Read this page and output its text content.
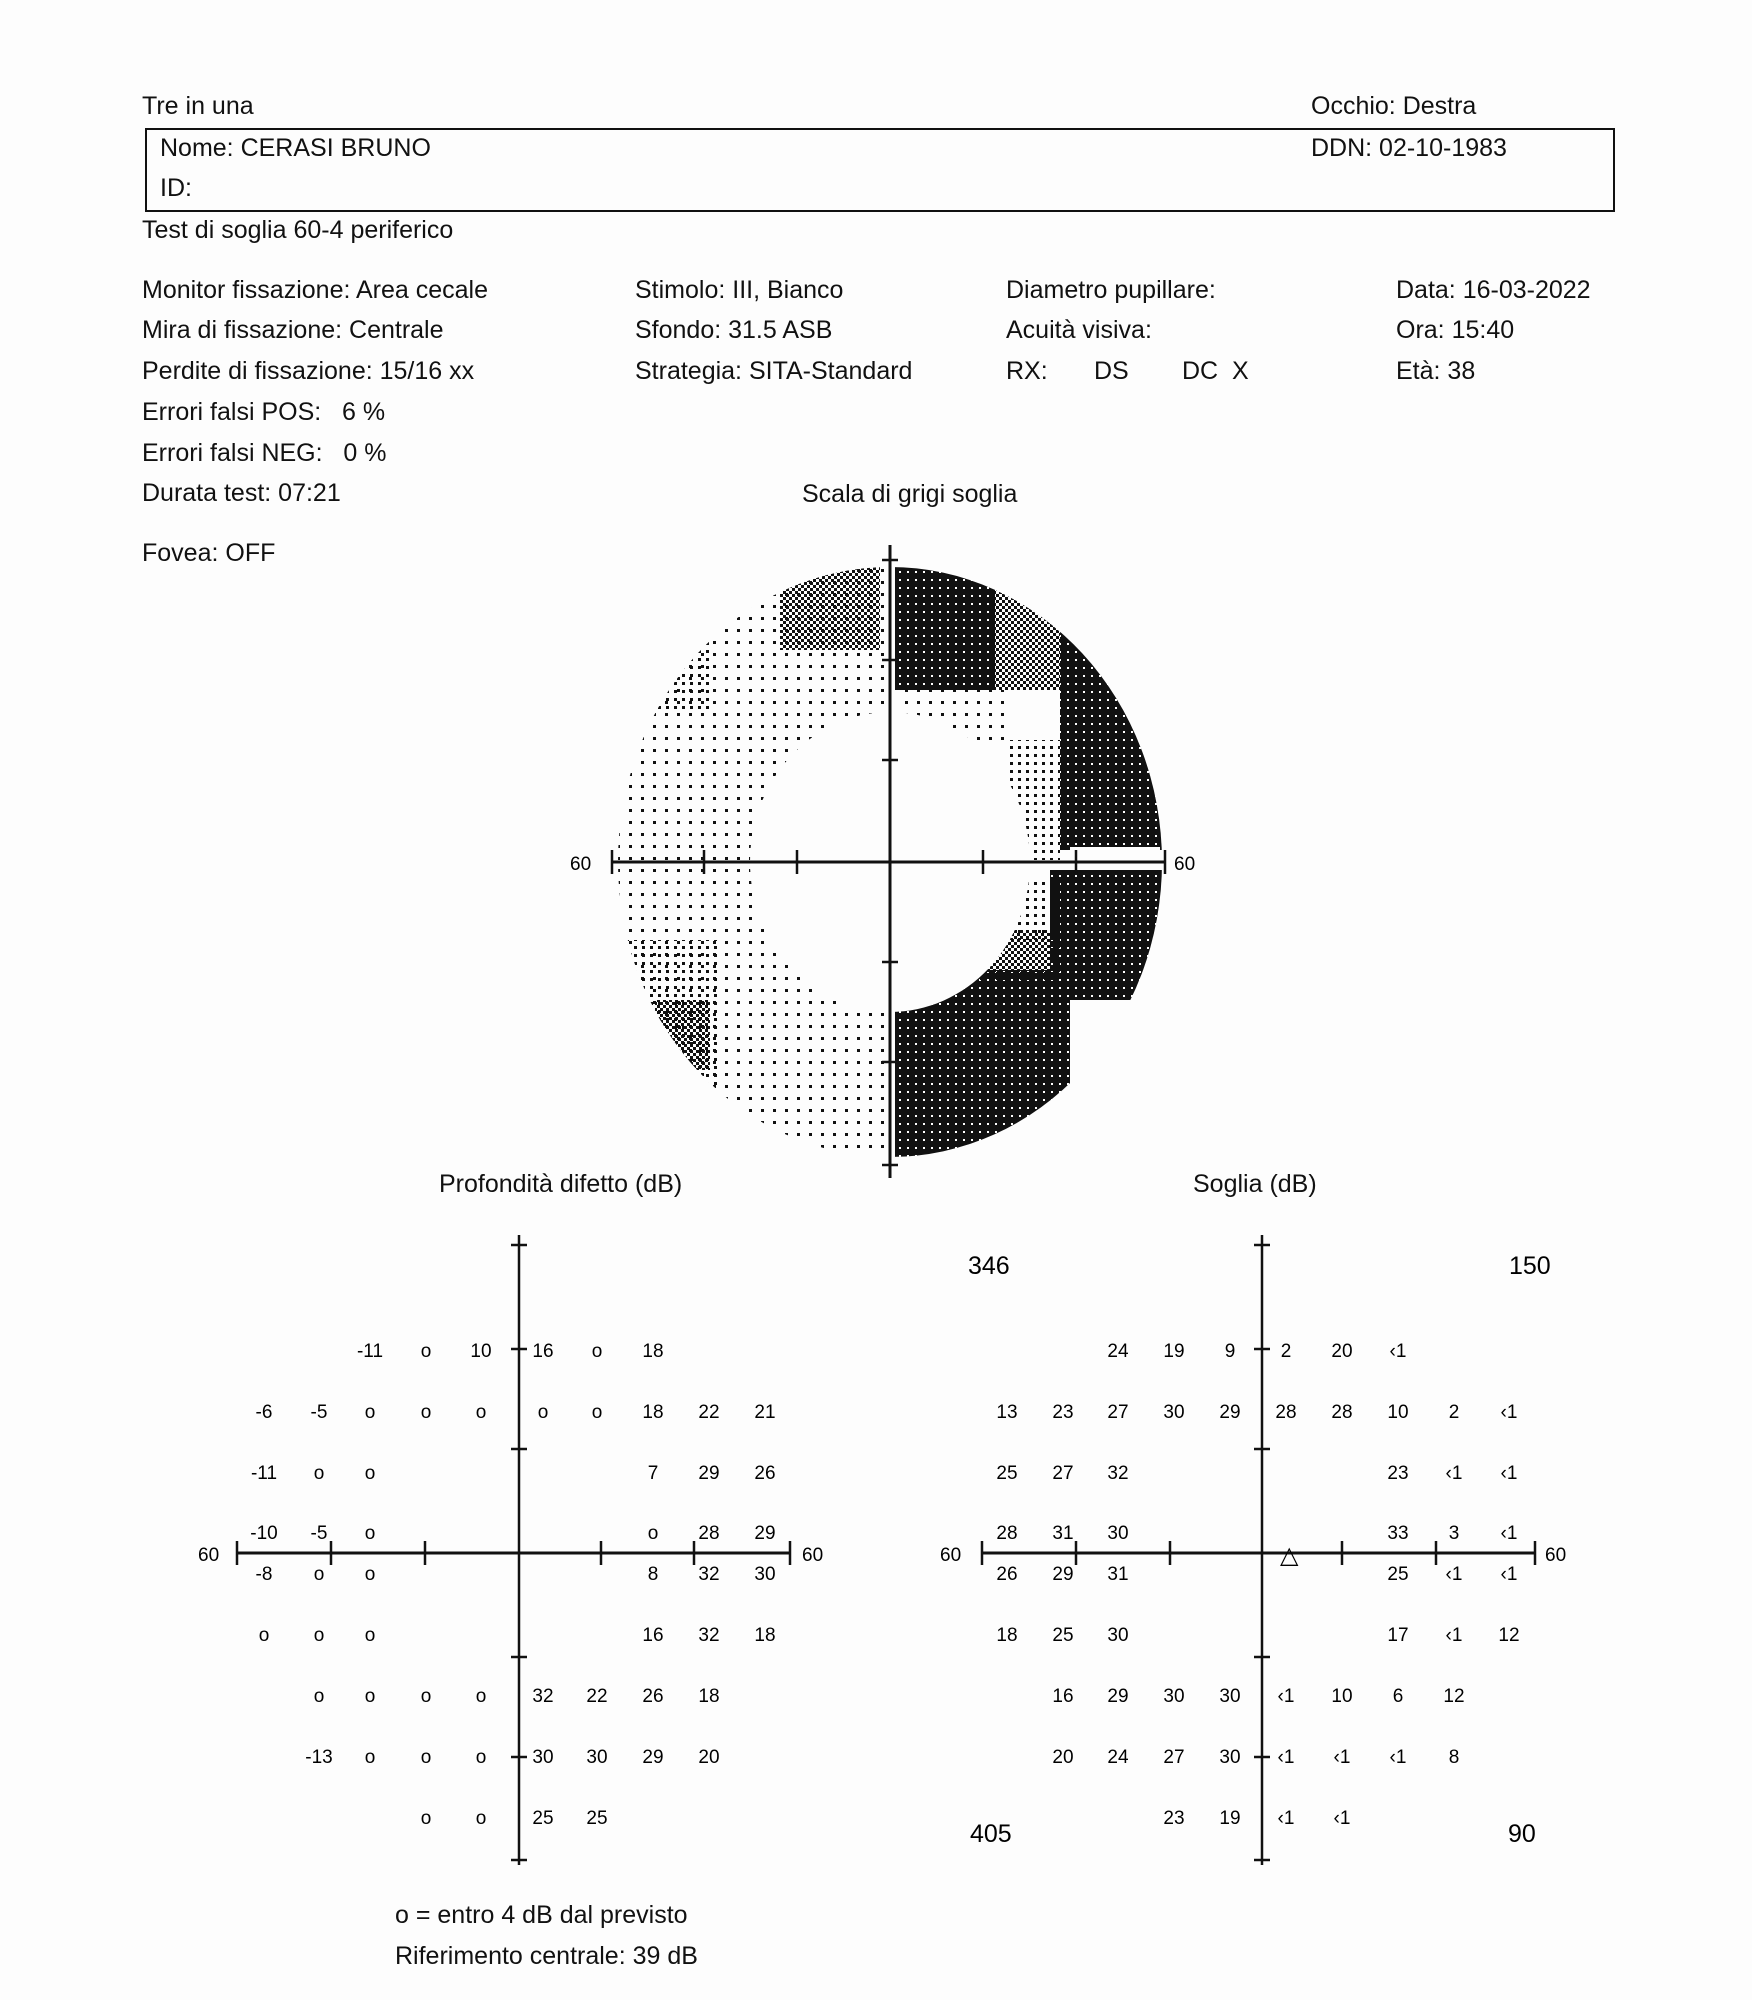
Tre in una	Occhio: Destra
Nome: CERASI BRUNO
ID:
DDN: 02-10-1983
Test di soglia 60-4 periferico
Monitor fissazione: Area cecale
Mira di fissazione: Centrale
Perdite di fissazione: 15/16 xx
Errori falsi POS:   6 %
Errori falsi NEG:   0 %
Durata test: 07:21
Fovea: OFF
Stimolo: III, Bianco
Sfondo: 31.5 ASB
Strategia: SITA-Standard
Diametro pupillare:
Acuità visiva:
RX: DS DC X
Data: 16-03-2022
Ora: 15:40
Età: 38
Scala di grigi soglia
60	60
Profondità difetto (dB)	Soglia (dB)
60	60
-11 o 10 16 o 18
-6 -5 o o o	o o 18 22 21
-11 o o	7 29 26
-10 -5 o	o 28 29
-8 o o	8 32 30
o o o	16 32 18
o o o o 32 22 26 18
-13 o o o 30 30 29 20
o o 25 25
△
60	60
346	150
405	90
24 19 9 2 20 ‹1
13 23 27 30 29 28 28 10 2 ‹1
25 27 32	23 ‹1 ‹1
28 31 30	33 3 ‹1
26 29 31	25 ‹1 ‹1
18 25 30	17 ‹1 12
16 29 30 30 ‹1 10 6 12
20 24 27 30 ‹1 ‹1 ‹1 8
23 19 ‹1 ‹1
o = entro 4 dB dal previsto
Riferimento centrale: 39 dB
